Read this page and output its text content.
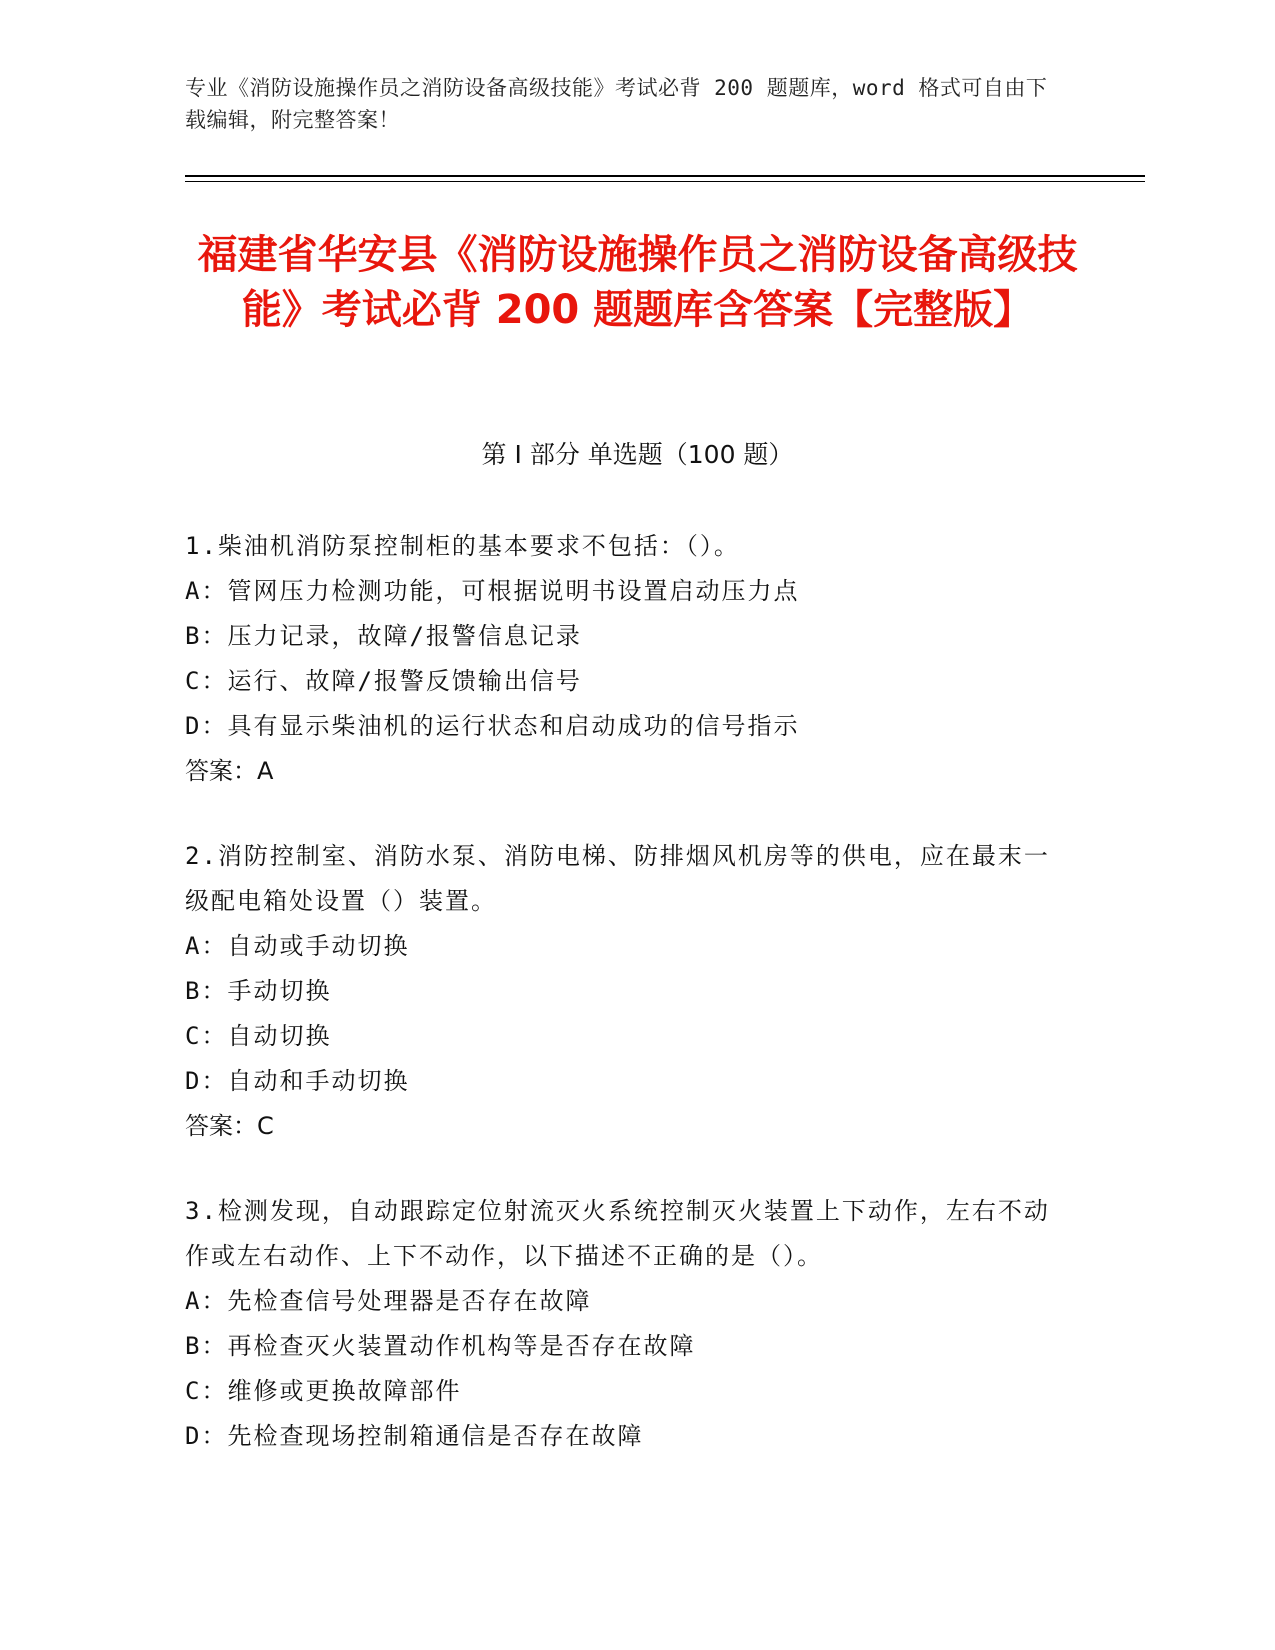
专业《消防设施操作员之消防设备高级技能》考试必背 200 题题库，word 格式可自由下载编辑，附完整答案！
福建省华安县《消防设施操作员之消防设备高级技能》考试必背 200 题题库含答案【完整版】
第 I 部分 单选题（100 题）

1.柴油机消防泵控制柜的基本要求不包括：（）。

A：管网压力检测功能，可根据说明书设置启动压力点

B：压力记录，故障/报警信息记录

C：运行、故障/报警反馈输出信号

D：具有显示柴油机的运行状态和启动成功的信号指示

答案：A

2.消防控制室、消防水泵、消防电梯、防排烟风机房等的供电，应在最末一级配电箱处设置（）装置。

A：自动或手动切换

B：手动切换

C：自动切换

D：自动和手动切换

答案：C

3.检测发现，自动跟踪定位射流灭火系统控制灭火装置上下动作，左右不动作或左右动作、上下不动作，以下描述不正确的是（）。

A：先检查信号处理器是否存在故障

B：再检查灭火装置动作机构等是否存在故障

C：维修或更换故障部件

D：先检查现场控制箱通信是否存在故障
